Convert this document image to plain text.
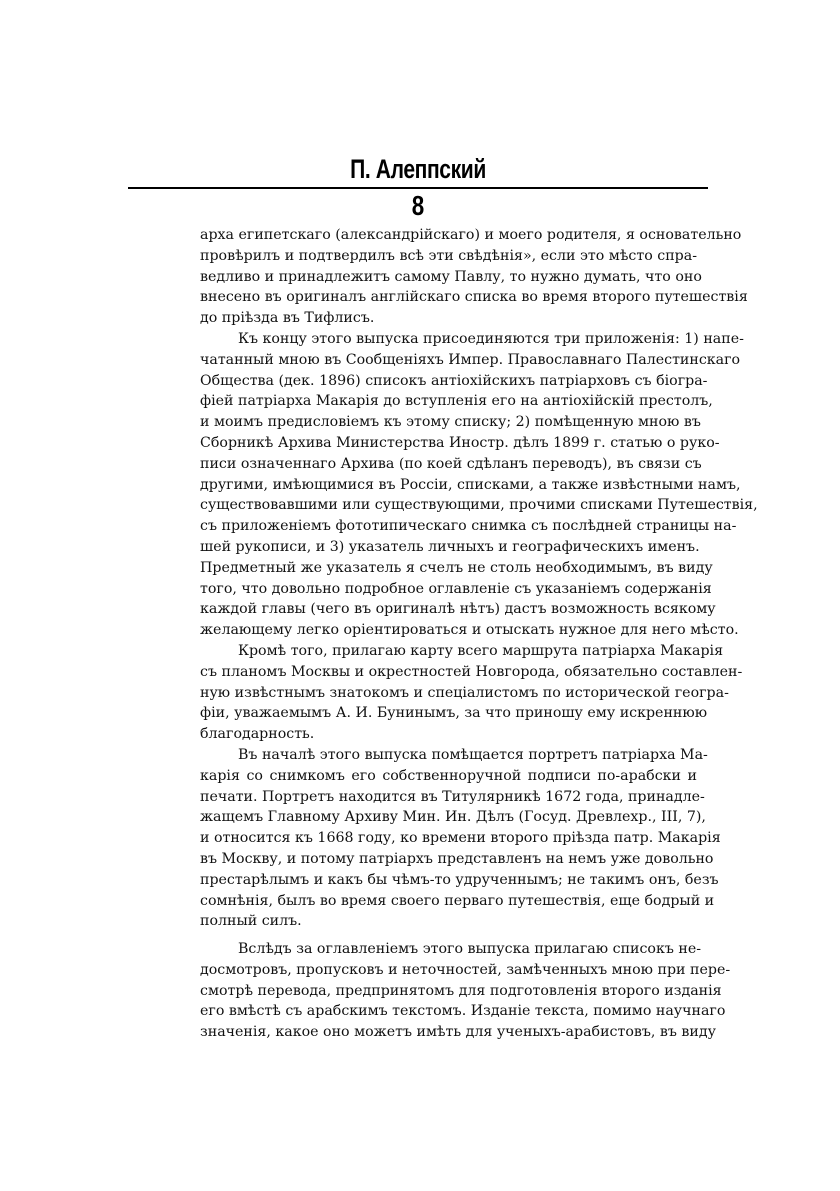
П. Алеппский
8
арха египетскаго (александрiйскаго) и моего родителя, я основательно
провѣрилъ и подтвердилъ всѣ эти свѣдѣнiя», если это мѣсто спра-
ведливо и принадлежитъ самому Павлу, то нужно думать, что оно
внесено въ оригиналъ англiйскаго списка во время второго путешествiя
до прiѣзда въ Тифлисъ.
Къ концу этого выпуска присоединяются три приложенiя: 1) напе-
чатанный мною въ Сообщенiяхъ Импер. Православнаго Палестинскаго
Общества (дек. 1896) списокъ антiохiйскихъ патрiарховъ съ бiогра-
фiей патрiарха Макарiя до вступленiя его на антiохiйскiй престолъ,
и моимъ предисловiемъ къ этому списку; 2) помѣщенную мною въ
Сборникѣ Архива Министерства Иностр. дѣлъ 1899 г. статью о руко-
писи означеннаго Архива (по коей сдѣланъ переводъ), въ связи съ
другими, имѣющимися въ Россiи, списками, а также извѣстными намъ,
существовавшими или существующими, прочими списками Путешествiя,
съ приложенiемъ фототипическаго снимка съ послѣдней страницы на-
шей рукописи, и 3) указатель личныхъ и географическихъ именъ.
Предметный же указатель я счелъ не столь необходимымъ, въ виду
того, что довольно подробное оглавленiе съ указанiемъ содержанiя
каждой главы (чего въ оригиналѣ нѣтъ) дастъ возможность всякому
желающему легко орiентироваться и отыскать нужное для него мѣсто.
Кромѣ того, прилагаю карту всего маршрута патрiарха Макарiя
съ планомъ Москвы и окрестностей Новгорода, обязательно составлен-
ную извѣстнымъ знатокомъ и спецiалистомъ по исторической геогра-
фiи, уважаемымъ А. И. Бунинымъ, за что приношу ему искреннюю
благодарность.
Въ началѣ этого выпуска помѣщается портретъ патрiарха Ма-
карiя со снимкомъ его собственноручной подписи по-арабски и
печати. Портретъ находится въ Титулярникѣ 1672 года, принадле-
жащемъ Главному Архиву Мин. Ин. Дѣлъ (Госуд. Древлехр., III, 7),
и относится къ 1668 году, ко времени второго прiѣзда патр. Макарiя
въ Москву, и потому патрiархъ представленъ на немъ уже довольно
престарѣлымъ и какъ бы чѣмъ-то удрученнымъ; не такимъ онъ, безъ
сомнѣнiя, былъ во время своего перваго путешествiя, еще бодрый и
полный силъ.
Вслѣдъ за оглавленiемъ этого выпуска прилагаю списокъ не-
досмотровъ, пропусковъ и неточностей, замѣченныхъ мною при пере-
смотрѣ перевода, предпринятомъ для подготовленiя второго изданiя
его вмѣстѣ съ арабскимъ текстомъ. Изданiе текста, помимо научнаго
значенiя, какое оно можетъ имѣть для ученыхъ-арабистовъ, въ виду
